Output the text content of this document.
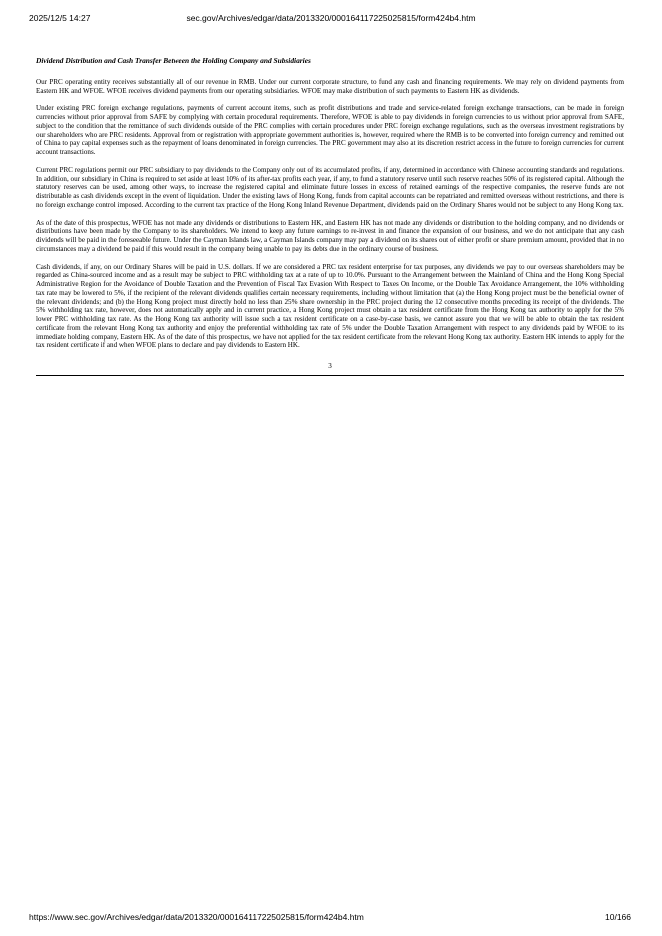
2025/12/5 14:27	sec.gov/Archives/edgar/data/2013320/000164117225025815/form424b4.htm

Dividend Distribution and Cash Transfer Between the Holding Company and Subsidiaries

Our PRC operating entity receives substantially all of our revenue in RMB. Under our current corporate structure, to fund any cash and financing requirements. We may rely on dividend payments from Eastern HK and WFOE. WFOE receives dividend payments from our operating subsidiaries. WFOE may make distribution of such payments to Eastern HK as dividends.

Under existing PRC foreign exchange regulations, payments of current account items, such as profit distributions and trade and service-related foreign exchange transactions, can be made in foreign currencies without prior approval from SAFE by complying with certain procedural requirements. Therefore, WFOE is able to pay dividends in foreign currencies to us without prior approval from SAFE, subject to the condition that the remittance of such dividends outside of the PRC complies with certain procedures under PRC foreign exchange regulations, such as the overseas investment registrations by our shareholders who are PRC residents. Approval from or registration with appropriate government authorities is, however, required where the RMB is to be converted into foreign currency and remitted out of China to pay capital expenses such as the repayment of loans denominated in foreign currencies. The PRC government may also at its discretion restrict access in the future to foreign currencies for current account transactions.

Current PRC regulations permit our PRC subsidiary to pay dividends to the Company only out of its accumulated profits, if any, determined in accordance with Chinese accounting standards and regulations. In addition, our subsidiary in China is required to set aside at least 10% of its after-tax profits each year, if any, to fund a statutory reserve until such reserve reaches 50% of its registered capital. Although the statutory reserves can be used, among other ways, to increase the registered capital and eliminate future losses in excess of retained earnings of the respective companies, the reserve funds are not distributable as cash dividends except in the event of liquidation. Under the existing laws of Hong Kong, funds from capital accounts can be repatriated and remitted overseas without restrictions, and there is no foreign exchange control imposed. According to the current tax practice of the Hong Kong Inland Revenue Department, dividends paid on the Ordinary Shares would not be subject to any Hong Kong tax.

As of the date of this prospectus, WFOE has not made any dividends or distributions to Eastern HK, and Eastern HK has not made any dividends or distribution to the holding company, and no dividends or distributions have been made by the Company to its shareholders. We intend to keep any future earnings to re-invest in and finance the expansion of our business, and we do not anticipate that any cash dividends will be paid in the foreseeable future. Under the Cayman Islands law, a Cayman Islands company may pay a dividend on its shares out of either profit or share premium amount, provided that in no circumstances may a dividend be paid if this would result in the company being unable to pay its debts due in the ordinary course of business.

Cash dividends, if any, on our Ordinary Shares will be paid in U.S. dollars. If we are considered a PRC tax resident enterprise for tax purposes, any dividends we pay to our overseas shareholders may be regarded as China-sourced income and as a result may be subject to PRC withholding tax at a rate of up to 10.0%. Pursuant to the Arrangement between the Mainland of China and the Hong Kong Special Administrative Region for the Avoidance of Double Taxation and the Prevention of Fiscal Tax Evasion With Respect to Taxes On Income, or the Double Tax Avoidance Arrangement, the 10% withholding tax rate may be lowered to 5%, if the recipient of the relevant dividends qualifies certain necessary requirements, including without limitation that (a) the Hong Kong project must be the beneficial owner of the relevant dividends; and (b) the Hong Kong project must directly hold no less than 25% share ownership in the PRC project during the 12 consecutive months preceding its receipt of the dividends. The 5% withholding tax rate, however, does not automatically apply and in current practice, a Hong Kong project must obtain a tax resident certificate from the Hong Kong tax authority to apply for the 5% lower PRC withholding tax rate. As the Hong Kong tax authority will issue such a tax resident certificate on a case-by-case basis, we cannot assure you that we will be able to obtain the tax resident certificate from the relevant Hong Kong tax authority and enjoy the preferential withholding tax rate of 5% under the Double Taxation Arrangement with respect to any dividends paid by WFOE to its immediate holding company, Eastern HK. As of the date of this prospectus, we have not applied for the tax resident certificate from the relevant Hong Kong tax authority. Eastern HK intends to apply for the tax resident certificate if and when WFOE plans to declare and pay dividends to Eastern HK.

3
https://www.sec.gov/Archives/edgar/data/2013320/000164117225025815/form424b4.htm	10/166
